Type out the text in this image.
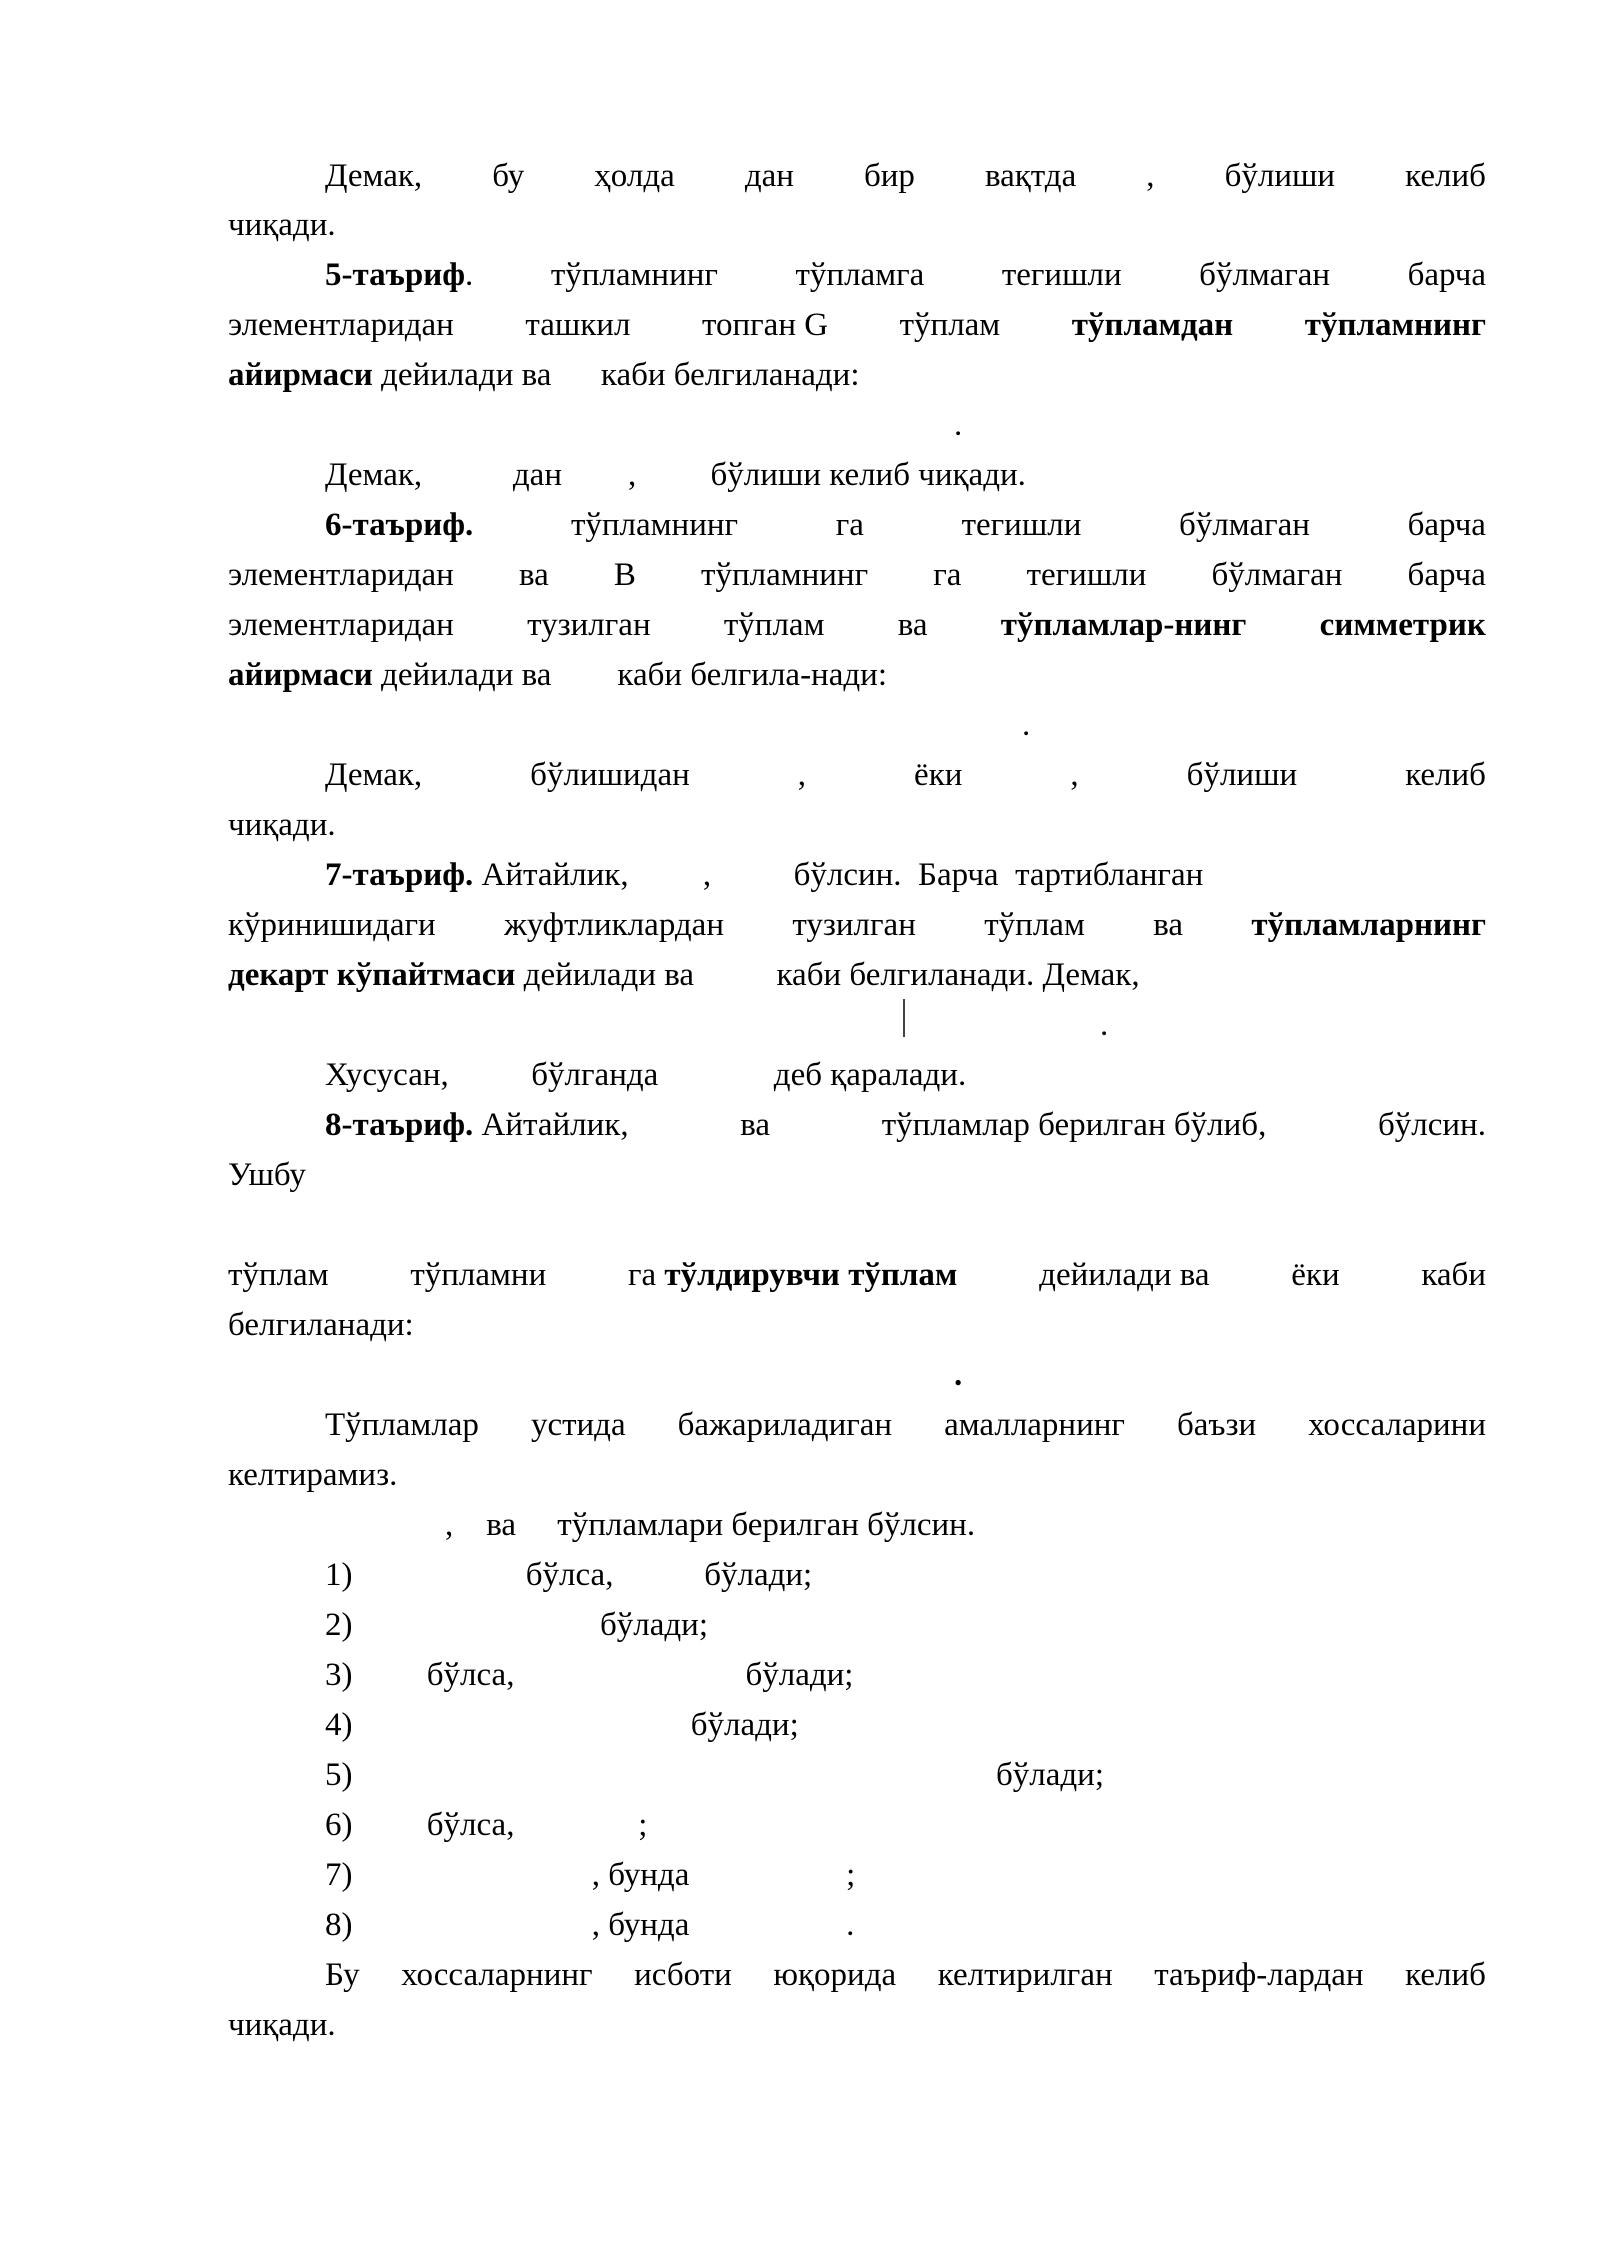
Демак, бу ҳолда дан бир вақтда , бўлиши келиб
чиқади.
5-таъриф. тўпламнинг тўпламга тегишли бўлмаган барча
элементларидан ташкил топган G тўплам тўпламдан тўпламнинг
айирмаси дейилади ва      каби белгиланади:
.
Демак,           дан        ,         бўлиши келиб чиқади.
6-таъриф.	тўпламнинг	га	тегишли	бўлмаган	барча
элементларидан ва B тўпламнинг га тегишли бўлмаган барча
элементларидан тузилган тўплам ва тўпламлар-нинг симметрик
айирмаси дейилади ва        каби белгила-нади:
.
Демак,	бўлишидан	,	ёки	,	бўлиши	келиб
чиқади.
7-таъриф. Айтайлик,         ,          бўлсин.  Барча  тартибланган
кўринишидаги жуфтликлардан тузилган тўплам ва тўпламларнинг
декарт кўпайтмаси дейилади ва          каби белгиланади. Демак,
.
Хусусан,          бўлганда              деб қаралади.
8-таъриф. Айтайлик,	ва	тўпламлар берилган бўлиб,	бўлсин.
Ушбу
тўплам тўпламни га тўлдирувчи тўплам дейилади ва ёки каби
белгиланади:
.
Тўпламлар устида бажариладиган амалларнинг баъзи хоссаларини
келтирамиз.
,    ва     тўпламлари берилган бўлсин.
1)                     бўлса,           бўлади;
2)                              бўлади;
3)         бўлса,                            бўлади;
4)                                         бўлади;
5)                                                                              бўлади;
6)         бўлса,               ;
7)                             , бунда                   ;
8)                             , бунда                   .
Бу хоссаларнинг исботи юқорида келтирилган таъриф-лардан келиб
чиқади.
